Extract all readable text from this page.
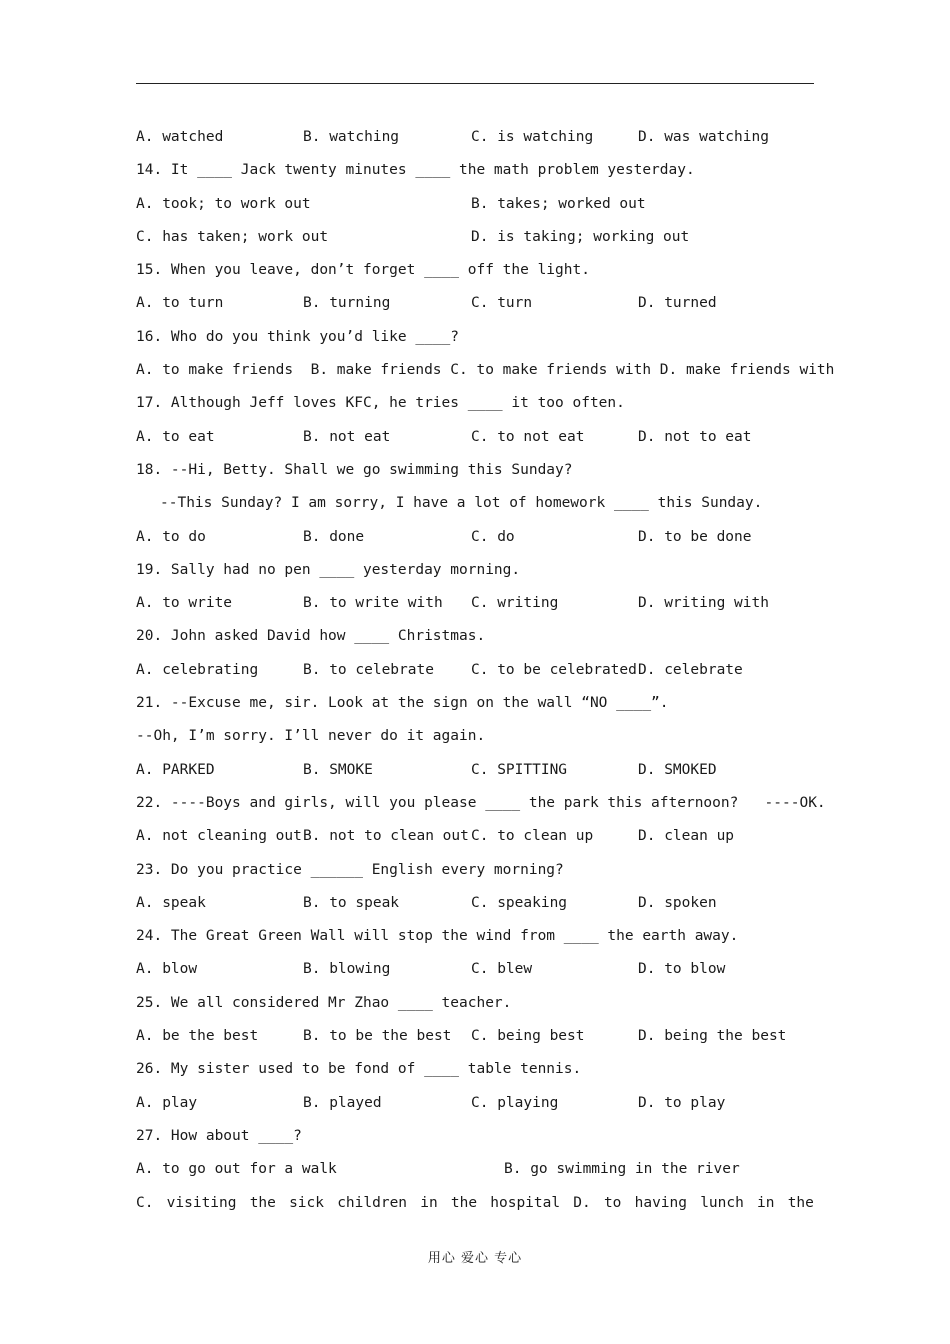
A. watched

	B. watching

	C. is watching

	D. was watching

14. It ____ Jack twenty minutes ____ the math problem yesterday.

A. took; to work out

	B. takes; worked out

C. has taken; work out

	D. is taking; working out

15. When you leave, don’t forget ____ off the light.

A. to turn

	B. turning

	C. turn

	D. turned

16. Who do you think you’d like ____?
A. to make friends  B. make friends C. to make friends with D. make friends with
17. Although Jeff loves KFC, he tries ____ it too often.

A. to eat

	B. not eat

	C. to not eat

	D. not to eat

18. --Hi, Betty. Shall we go swimming this Sunday?
--This Sunday? I am sorry, I have a lot of homework ____ this Sunday.

A. to do

	B. done

	C. do

	D. to be done

19. Sally had no pen ____ yesterday morning.

A. to write

	B. to write with

C. writing

	D. writing with

20. John asked David how ____ Christmas.

A. celebrating

	B. to celebrate

	C. to be celebrated

D. celebrate

21. --Excuse me, sir. Look at the sign on the wall “NO ____”.
--Oh, I’m sorry. I’ll never do it again.

A. PARKED

	B. SMOKE

	C. SPITTING

	D. SMOKED

22. ----Boys and girls, will you please ____ the park this afternoon?   ----OK.

A. not cleaning out

B. not to clean out

C. to clean up

	D. clean up

23. Do you practice ______ English every morning?

A. speak

	B. to speak

	C. speaking

	D. spoken

24. The Great Green Wall will stop the wind from ____ the earth away.

A. blow

	B. blowing

	C. blew

	D. to blow

25. We all considered Mr Zhao ____ teacher.

A. be the best

	B. to be the best

C. being best

	D. being the best

26. My sister used to be fond of ____ table tennis.

A. play

	B. played

	C. playing

	D. to play

27. How about ____?

A. to go out for a walk

	B. go swimming in the river

C. visiting the sick children in the hospital D. to having lunch in the
用心 爱心 专心
